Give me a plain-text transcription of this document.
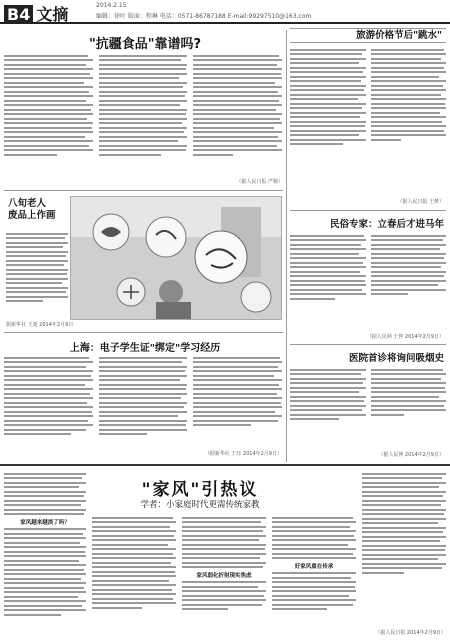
B4 文摘	2014.2.15
编辑：徐叶 版面：程琳 电话：0571-86787188 E-mail:99297510@163.com
"抗疆食品"靠谱吗?
（据人民日报 严顺）
八旬老人
废品上作画
据新华社 王楚 2014年2月9日
上海：电子学生证"绑定"学习经历
（据新华社 王珏 2014年2月9日）
旅游价格节后"跳水"
（据人民日报 王梦）
民俗专家：立春后才进马年
（据人民网 王仲 2014年2月9日）
医院首诊将询问吸烟史
（据人民网 2014年2月9日）
"家风"引热议
学者：小家庭时代更需传统家教
家风越来越淡了吗？
家风弱化折射现实焦虑
好家风重在传承
（据人民日报 2014年2月9日）
